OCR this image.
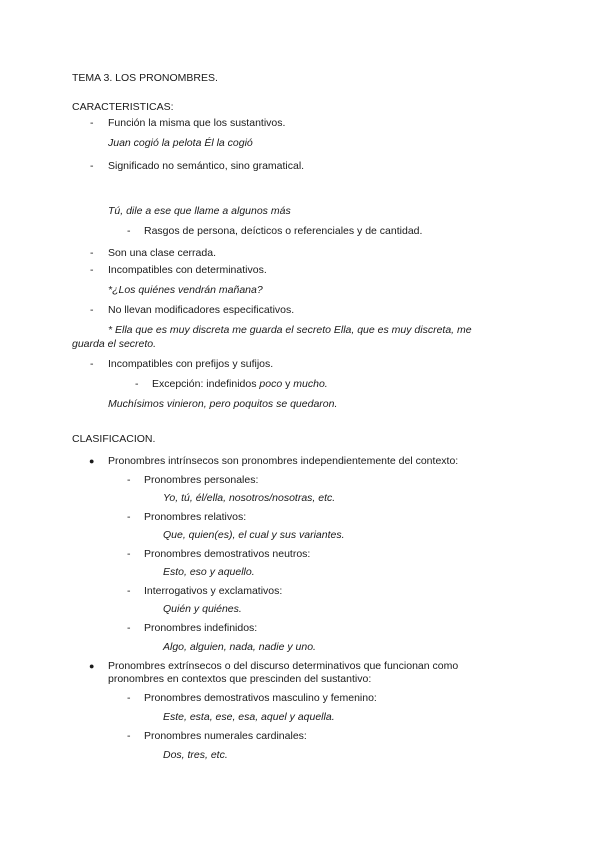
TEMA 3. LOS PRONOMBRES.
CARACTERISTICAS:
- Función la misma que los sustantivos.
Juan cogió la pelota Él la cogió
- Significado no semántico, sino gramatical.
Tú, dile a ese que llame a algunos más
- Rasgos de persona, deícticos o referenciales y de cantidad.
- Son una clase cerrada.
- Incompatibles con determinativos.
*¿Los quiénes vendrán mañana?
- No llevan modificadores especificativos.
* Ella que es muy discreta me guarda el secreto Ella, que es muy discreta, me
guarda el secreto.
- Incompatibles con prefijos y sufijos.
- Excepción: indefinidos poco y mucho.
Muchísimos vinieron, pero poquitos se quedaron.
CLASIFICACION.
● Pronombres intrínsecos son pronombres independientemente del contexto:
- Pronombres personales:
Yo, tú, él/ella, nosotros/nosotras, etc.
- Pronombres relativos:
Que, quien(es), el cual y sus variantes.
- Pronombres demostrativos neutros:
Esto, eso y aquello.
- Interrogativos y exclamativos:
Quién y quiénes.
- Pronombres indefinidos:
Algo, alguien, nada, nadie y uno.
● Pronombres extrínsecos o del discurso determinativos que funcionan como
pronombres en contextos que prescinden del sustantivo:
- Pronombres demostrativos masculino y femenino:
Este, esta, ese, esa, aquel y aquella.
- Pronombres numerales cardinales:
Dos, tres, etc.
